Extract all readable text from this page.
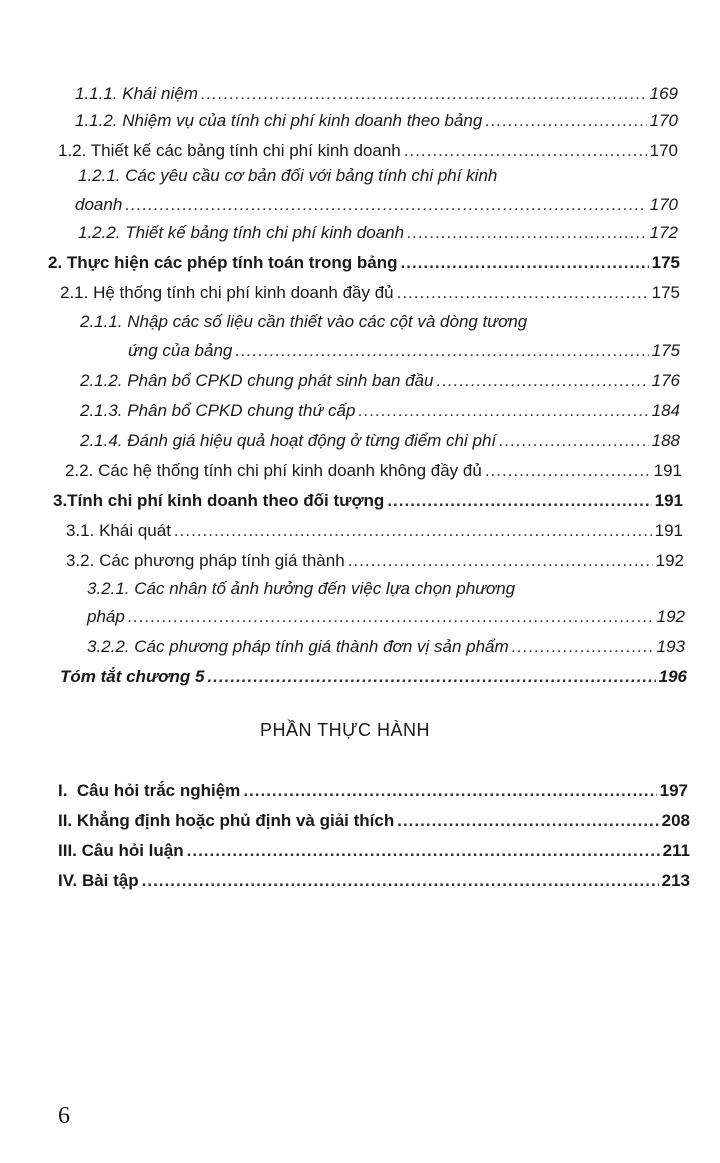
1.1.1. Khái niệm .....	169
1.1.2. Nhiệm vụ của tính chi phí kinh doanh theo bảng .....	170
1.2. Thiết kế các bảng tính chi phí kinh doanh .....	170
1.2.1. Các yêu cầu cơ bản đối với bảng tính chi phí kinh
doanh .....	170
1.2.2. Thiết kế bảng tính chi phí kinh doanh .....	172
2. Thực hiện các phép tính toán trong bảng .....	175
2.1. Hệ thống tính chi phí kinh doanh đầy đủ .....	175
2.1.1. Nhập các số liệu cần thiết vào các cột và dòng tương
ứng của bảng .....	175
2.1.2. Phân bổ CPKD chung phát sinh ban đầu .....	176
2.1.3. Phân bổ CPKD chung thứ cấp .....	184
2.1.4. Đánh giá hiệu quả hoạt động ở từng điểm chi phí .....	188
2.2. Các hệ thống tính chi phí kinh doanh không đầy đủ .....	191
3.Tính chi phí kinh doanh theo đối tượng .....	191
3.1. Khái quát .....	191
3.2. Các phương pháp tính giá thành .....	192
3.2.1. Các nhân tố ảnh hưởng đến việc lựa chọn phương
pháp .....	192
3.2.2. Các phương pháp tính giá thành đơn vị sản phẩm .....	193
Tóm tắt chương 5 .....	196
PHẦN THỰC HÀNH
I.  Câu hỏi trắc nghiệm .....	197
II. Khẳng định hoặc phủ định và giải thích .....	208
III. Câu hỏi luận .....	211
IV. Bài tập .....	213
6
